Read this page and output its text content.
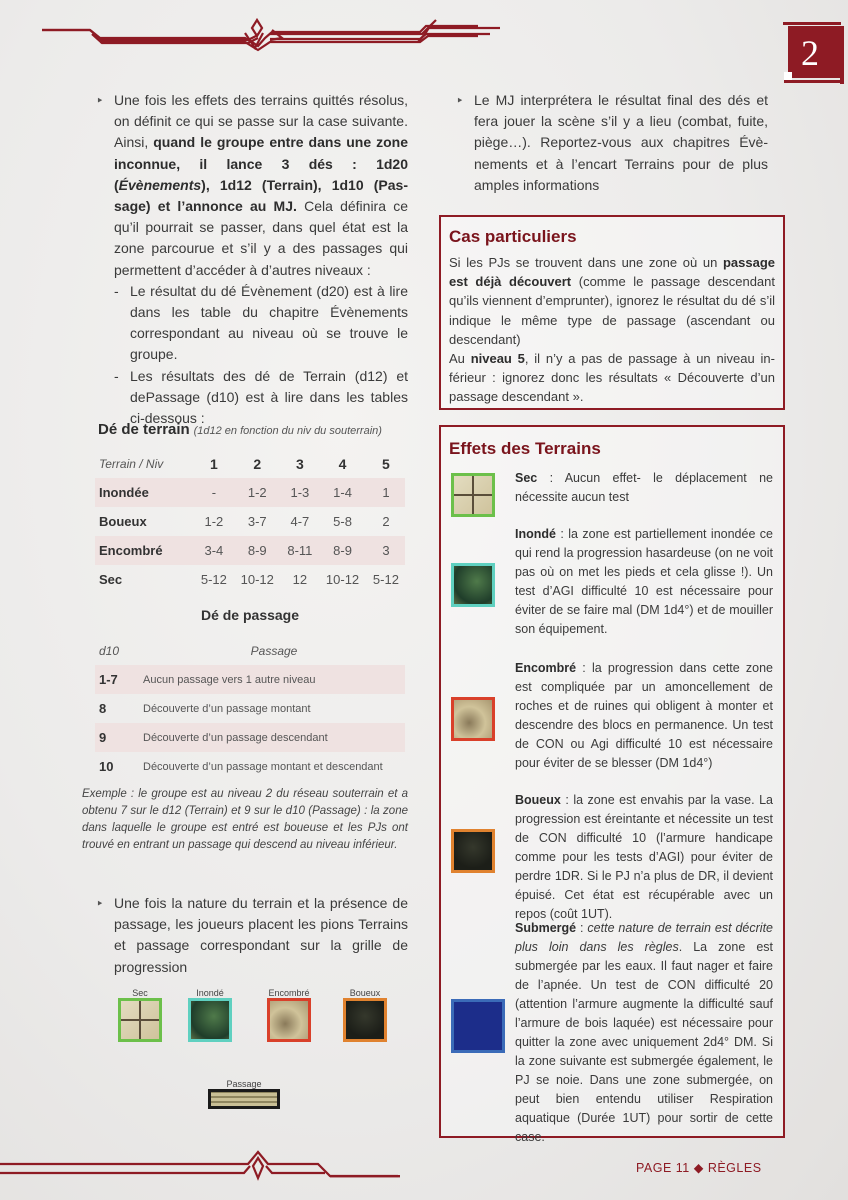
2
‣ Une fois les effets des terrains quittés résolus, on définit ce qui se passe sur la case suivante. Ainsi, quand le groupe entre dans une zone inconnue, il lance 3 dés : 1d20 (Évènements), 1d12 (Terrain), 1d10 (Passage) et l’annonce au MJ. Cela définira ce qu’il pourrait se passer, dans quel état est la zone parcourue et s’il y a des passages qui permettent d’accéder à d’autres niveaux :
- Le résultat du dé Évènement (d20) est à lire dans les table du chapitre Évènements correspondant au niveau où se trouve le groupe.
- Les résultats des dé de Terrain (d12) et dePassage (d10) est à lire dans les tables ci-dessous :
Dé de terrain (1d12 en fonction du niv du souterrain)
Terrain / Niv	1	2	3	4	5
Inondée	-	1-2	1-3	1-4	1
Boueux	1-2	3-7	4-7	5-8	2
Encombré	3-4	8-9	8-11	8-9	3
Sec	5-12	10-12	12	10-12	5-12
Dé de passage
d10	Passage
1-7	Aucun passage vers 1 autre niveau
8	Découverte d’un passage montant
9	Découverte d’un passage descendant
10	Découverte d’un passage montant et descendant
Exemple : le groupe est au niveau 2 du réseau souterrain et a obtenu 7 sur le d12 (Terrain) et 9 sur le d10 (Passage) : la zone dans laquelle le groupe est entré est boueuse et les PJs ont trouvé en entrant un passage qui descend au niveau inférieur.
‣ Une fois la nature du terrain et la présence de passage, les joueurs placent les pions Terrains et passage correspondant sur la grille de progression
Sec	Inondé	Encombré	Boueux
Passage
‣ Le MJ interprétera le résultat final des dés et fera jouer la scène s’il y a lieu (combat, fuite, piège…). Reportez-vous aux chapitres Évènements et à l’encart Terrains pour de plus amples informations
Cas particuliers
Si les PJs se trouvent dans une zone où un passage est déjà découvert (comme le passage descendant qu’ils viennent d’emprunter), ignorez le résultat du dé s’il indique le même type de passage (ascendant ou descendant)
Au niveau 5, il n’y a pas de passage à un niveau inférieur : ignorez donc les résultats « Découverte d’un passage descendant ».
Effets des Terrains
Sec : Aucun effet- le déplacement ne nécessite aucun test
Inondé : la zone est partiellement inondée ce qui rend la progression hasardeuse (on ne voit pas où on met les pieds et cela glisse !). Un test d’AGI difficulté 10 est nécessaire pour éviter de se faire mal (DM 1d4°) et de mouiller son équipement.
Encombré : la progression dans cette zone est compliquée par un amoncellement de roches et de ruines qui obligent à monter et descendre des blocs en permanence. Un test de CON ou Agi difficulté 10 est nécessaire pour éviter de se blesser (DM 1d4°)
Boueux : la zone est envahis par la vase. La progression est éreintante et nécessite un test de CON difficulté 10 (l’armure handicape comme pour les tests d’AGI) pour éviter de perdre 1DR. Si le PJ n’a plus de DR, il devient épuisé. Cet état est récupérable avec un repos (coût 1UT).
Submergé : cette nature de terrain est décrite plus loin dans les règles. La zone est submergée par les eaux. Il faut nager et faire de l’apnée. Un test de CON difficulté 20 (attention l’armure augmente la difficulté sauf l’armure de bois laquée) est nécessaire pour quitter la zone avec uniquement 2d4° DM. Si la zone suivante est submergée également, le PJ se noie. Dans une zone submergée, on peut bien entendu utiliser Respiration aquatique (Durée 1UT) pour sortir de cette case.
PAGE 11 ◆ RÈGLES
